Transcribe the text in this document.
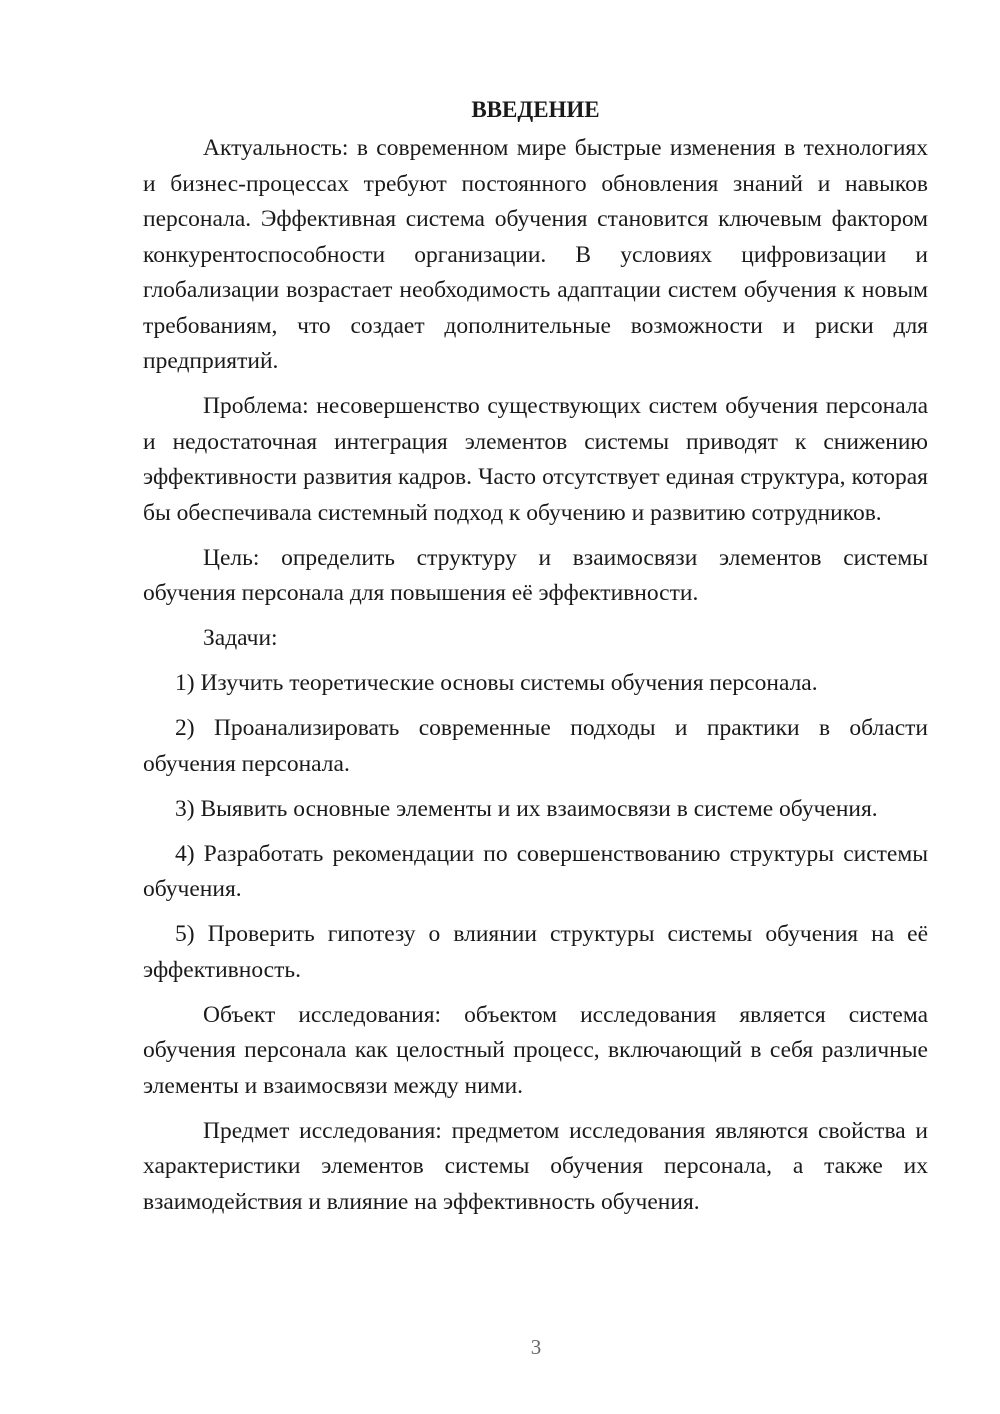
ВВЕДЕНИЕ

Актуальность: в современном мире быстрые изменения в технологиях и бизнес-процессах требуют постоянного обновления знаний и навыков персонала. Эффективная система обучения становится ключевым фактором конкурентоспособности организации. В условиях цифровизации и глобализации возрастает необходимость адаптации систем обучения к новым требованиям, что создает дополнительные возможности и риски для предприятий.

Проблема: несовершенство существующих систем обучения персонала и недостаточная интеграция элементов системы приводят к снижению эффективности развития кадров. Часто отсутствует единая структура, которая бы обеспечивала системный подход к обучению и развитию сотрудников.

Цель: определить структуру и взаимосвязи элементов системы обучения персонала для повышения её эффективности.

Задачи:

1) Изучить теоретические основы системы обучения персонала.

2) Проанализировать современные подходы и практики в области обучения персонала.

3) Выявить основные элементы и их взаимосвязи в системе обучения.

4) Разработать рекомендации по совершенствованию структуры системы обучения.

5) Проверить гипотезу о влиянии структуры системы обучения на её эффективность.

Объект исследования: объектом исследования является система обучения персонала как целостный процесс, включающий в себя различные элементы и взаимосвязи между ними.

Предмет исследования: предметом исследования являются свойства и характеристики элементов системы обучения персонала, а также их взаимодействия и влияние на эффективность обучения.

3
